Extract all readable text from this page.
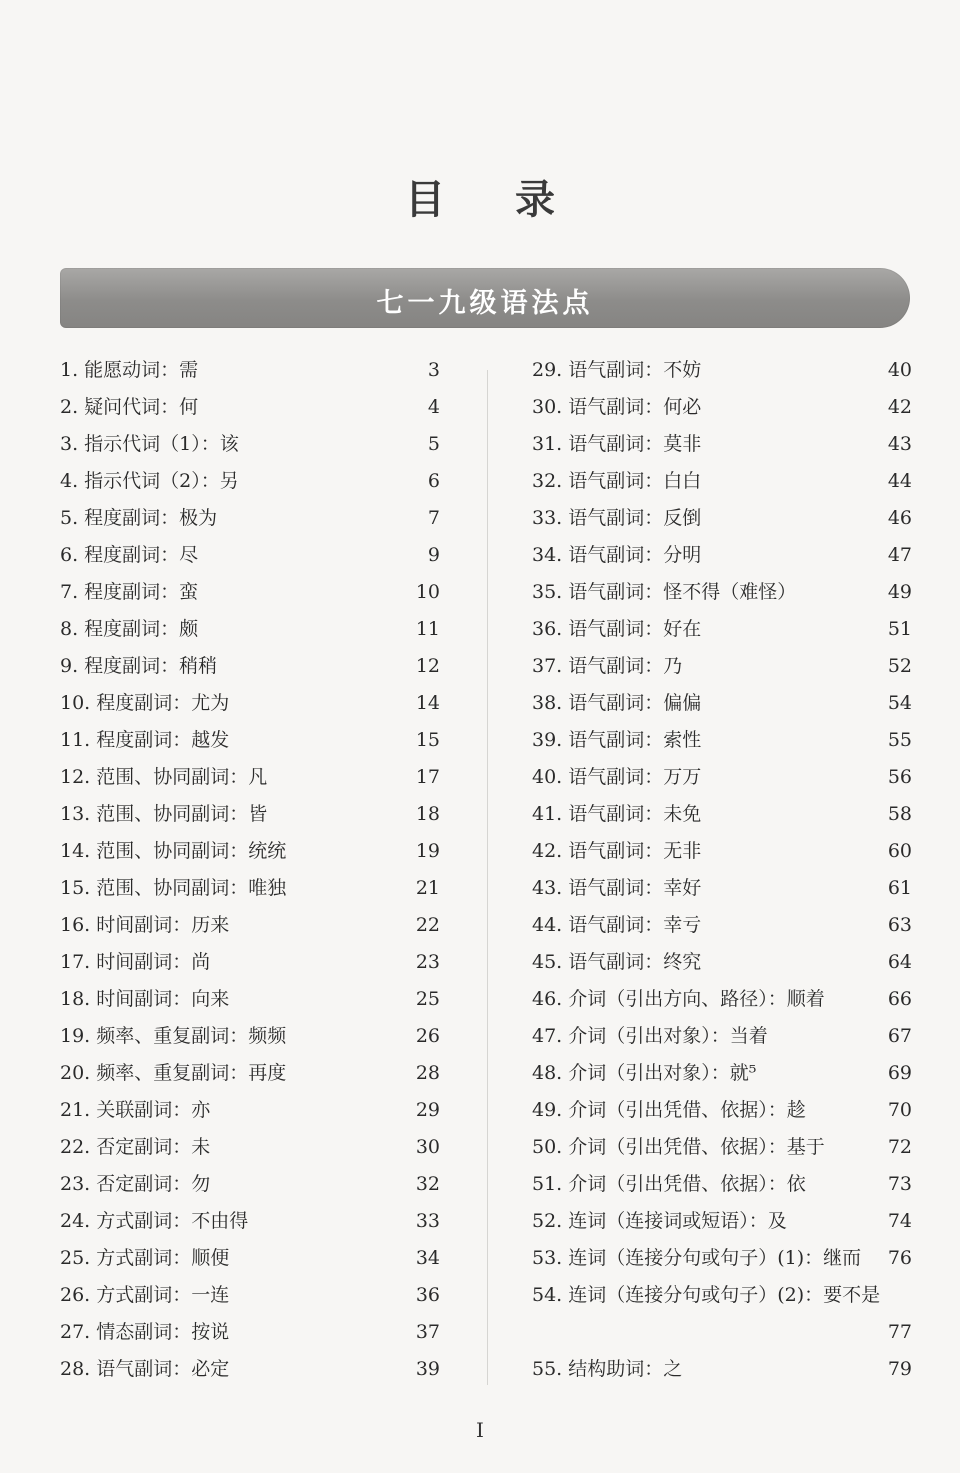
目 录
七一九级语法点
1. 能愿动词：需	3
2. 疑问代词：何	4
3. 指示代词（1）：该	5
4. 指示代词（2）：另	6
5. 程度副词：极为	7
6. 程度副词：尽	9
7. 程度副词：蛮	10
8. 程度副词：颇	11
9. 程度副词：稍稍	12
10. 程度副词：尤为	14
11. 程度副词：越发	15
12. 范围、协同副词：凡	17
13. 范围、协同副词：皆	18
14. 范围、协同副词：统统	19
15. 范围、协同副词：唯独	21
16. 时间副词：历来	22
17. 时间副词：尚	23
18. 时间副词：向来	25
19. 频率、重复副词：频频	26
20. 频率、重复副词：再度	28
21. 关联副词：亦	29
22. 否定副词：未	30
23. 否定副词：勿	32
24. 方式副词：不由得	33
25. 方式副词：顺便	34
26. 方式副词：一连	36
27. 情态副词：按说	37
28. 语气副词：必定	39
29. 语气副词：不妨	40
30. 语气副词：何必	42
31. 语气副词：莫非	43
32. 语气副词：白白	44
33. 语气副词：反倒	46
34. 语气副词：分明	47
35. 语气副词：怪不得（难怪）	49
36. 语气副词：好在	51
37. 语气副词：乃	52
38. 语气副词：偏偏	54
39. 语气副词：索性	55
40. 语气副词：万万	56
41. 语气副词：未免	58
42. 语气副词：无非	60
43. 语气副词：幸好	61
44. 语气副词：幸亏	63
45. 语气副词：终究	64
46. 介词（引出方向、路径）：顺着	66
47. 介词（引出对象）：当着	67
48. 介词（引出对象）：就⁵	69
49. 介词（引出凭借、依据）：趁	70
50. 介词（引出凭借、依据）：基于	72
51. 介词（引出凭借、依据）：依	73
52. 连词（连接词或短语）：及	74
53. 连词（连接分句或句子）(1)：继而 76
54. 连词（连接分句或句子）(2)：要不是
77
55. 结构助词：之	79
I
